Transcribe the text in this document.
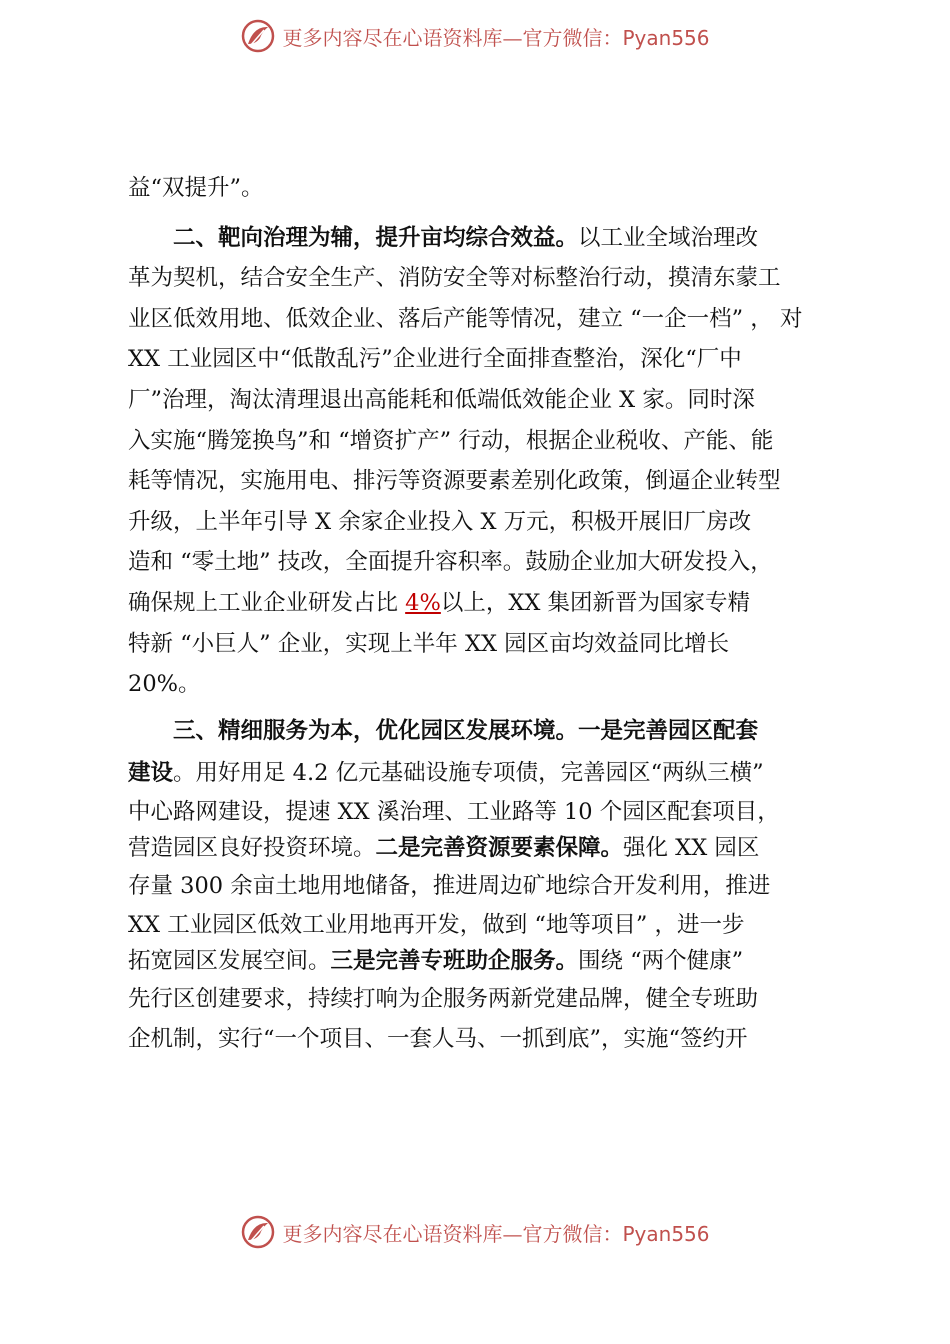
更多内容尽在心语资料库—官方微信：Pyan556
益“双提升”。
二、靶向治理为辅，提升亩均综合效益。以工业全域治理改
革为契机，结合安全生产、消防安全等对标整治行动，摸清东蒙工
业区低效用地、低效企业、落后产能等情况，建立 “一企一档” ， 对
XX 工业园区中“低散乱污”企业进行全面排查整治，深化“厂中
厂”治理，淘汰清理退出高能耗和低端低效能企业 X 家。同时深
入实施“腾笼换鸟”和 “增资扩产” 行动，根据企业税收、产能、能
耗等情况，实施用电、排污等资源要素差别化政策，倒逼企业转型
升级，上半年引导 X 余家企业投入 X 万元，积极开展旧厂房改
造和 “零土地” 技改，全面提升容积率。鼓励企业加大研发投入，
确保规上工业企业研发占比 4%以上，XX 集团新晋为国家专精
特新 “小巨人” 企业，实现上半年 XX 园区亩均效益同比增长
20%。
三、精细服务为本，优化园区发展环境。一是完善园区配套
建设。用好用足 4.2 亿元基础设施专项债，完善园区“两纵三横”
中心路网建设，提速 XX 溪治理、工业路等 10 个园区配套项目，
营造园区良好投资环境。二是完善资源要素保障。强化 XX 园区
存量 300 余亩土地用地储备，推进周边矿地综合开发利用，推进
XX 工业园区低效工业用地再开发，做到 “地等项目” ，进一步
拓宽园区发展空间。三是完善专班助企服务。围绕 “两个健康”
先行区创建要求，持续打响为企服务两新党建品牌，健全专班助
企机制，实行“一个项目、一套人马、一抓到底”，实施“签约开
更多内容尽在心语资料库—官方微信：Pyan556
